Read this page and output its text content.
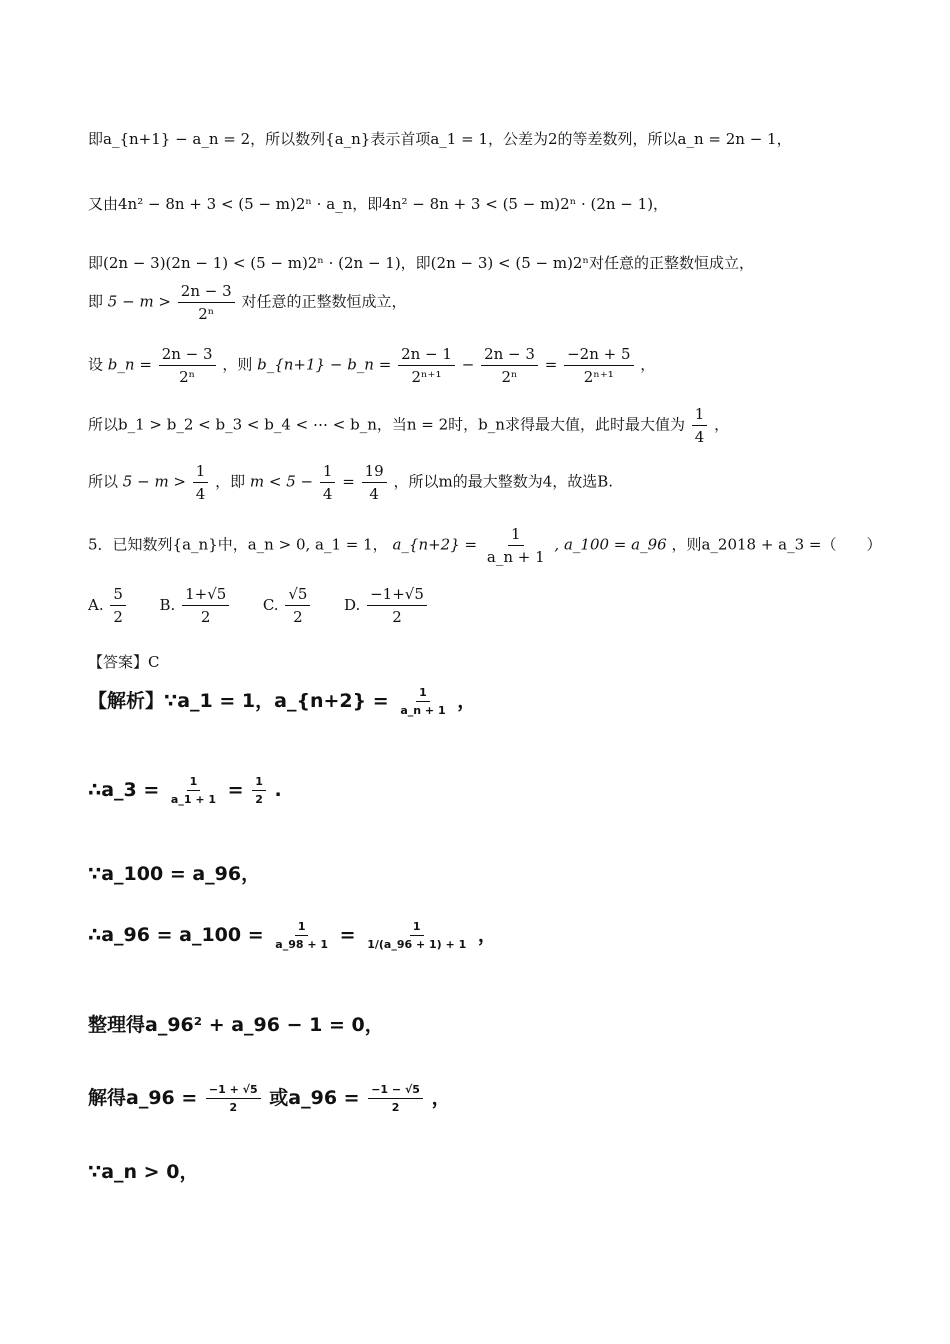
即a_{n+1} − a_n = 2，所以数列{a_n}表示首项a_1 = 1，公差为2的等差数列，所以a_n = 2n − 1，
又由4n² − 8n + 3 < (5 − m)2ⁿ · a_n，即4n² − 8n + 3 < (5 − m)2ⁿ · (2n − 1)，
即(2n − 3)(2n − 1) < (5 − m)2ⁿ · (2n − 1)，即(2n − 3) < (5 − m)2ⁿ对任意的正整数恒成立，
即 $5 - m > \frac{2n - 3}{\text{2ⁿ}}$ 对任意的正整数恒成立，
设 b_n = $\frac{2n - 3}{\text{2ⁿ}}$ ，则 b_{n+1} − b_n = $\frac{2n - 1}{\text{2ⁿ⁺¹}} - \frac{2n - 3}{\text{2ⁿ}} = \frac{-2n + 5}{\text{2ⁿ⁺¹}}$ ，
所以b_1 > b_2 < b_3 < b_4 < ⋯ < b_n，当n = 2时，b_n求得最大值，此时最大值为 $\frac{1}{4}$ ，
所以 $5 - m > \frac{1}{4}$ ，即 $m < 5 - \frac{1}{4} = \frac{19}{4}$ ，所以m的最大整数为4，故选B.
5．已知数列{a_n}中，a_n > 0, a_1 = 1， a_{n+2} = $\frac{1}{a\_n + 1}$ , a_100 = a_96 ，则a_2018 + a_3 =（　　）
A. $\frac{5}{2} B$. $\frac{1+√5}{2} C$. $\frac{√5}{2} D$. $\frac{-1+√5}{2}$
【答案】C
【解析】∵a_1 = 1，a_{n+2} = $\frac{1}{a\_n + 1}$ ，
∴a_3 = $\frac{1}{a\_1 + 1} = \frac{1}{2}$ .
∵a_100 = a_96，
∴a_96 = a_100 = $\frac{1}{a\_98 + 1} = \frac{1}{1/(a\_96 + 1) + 1}$ ，
整理得a_96² + a_96 − 1 = 0，
解得a_96 = $\frac{-1 + √5}{2}$ 或a_96 = $\frac{-1 - √5}{2}$ ，
∵a_n > 0，
